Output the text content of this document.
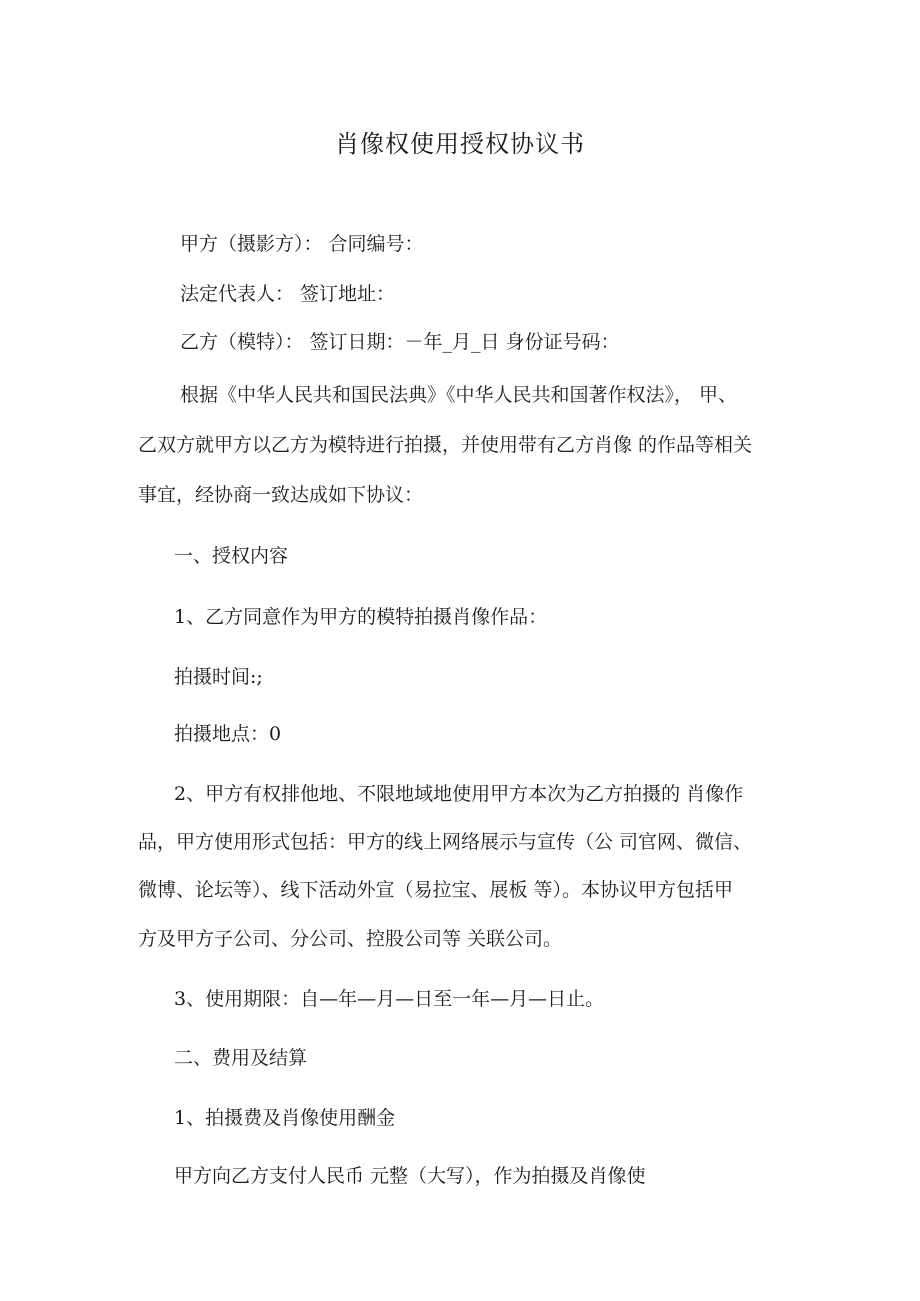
肖像权使用授权协议书
甲方（摄影方）： 合同编号：
法定代表人： 签订地址：
乙方（模特）： 签订日期：－年_月_日 身份证号码：
根据《中华人民共和国民法典》《中华人民共和国著作权法》， 甲、
乙双方就甲方以乙方为模特进行拍摄，并使用带有乙方肖像 的作品等相关
事宜，经协商一致达成如下协议：
一、授权内容
1、乙方同意作为甲方的模特拍摄肖像作品：
拍摄时间:;
拍摄地点：0
2、甲方有权排他地、不限地域地使用甲方本次为乙方拍摄的 肖像作
品，甲方使用形式包括：甲方的线上网络展示与宣传（公 司官网、微信、
微博、论坛等）、线下活动外宣（易拉宝、展板 等）。本协议甲方包括甲
方及甲方子公司、分公司、控股公司等 关联公司。
3、使用期限：自—年—月—日至一年—月—日止。
二、费用及结算
1、拍摄费及肖像使用酬金
甲方向乙方支付人民币 元整（大写），作为拍摄及肖像使
